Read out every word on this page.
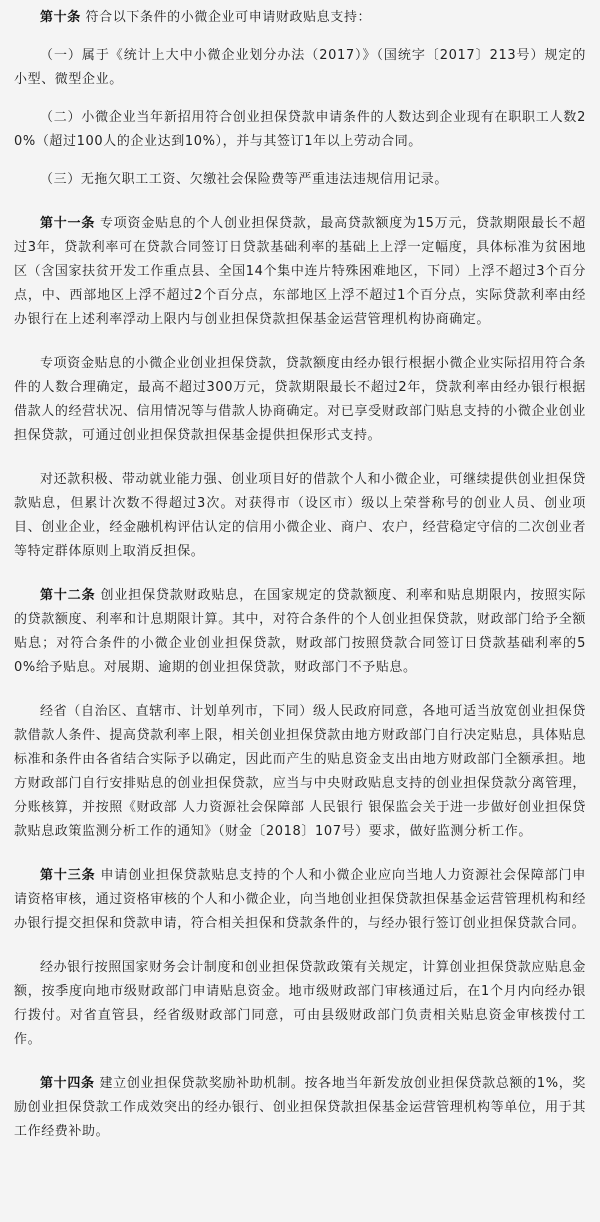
第十条 符合以下条件的小微企业可申请财政贴息支持：

（一）属于《统计上大中小微企业划分办法（2017）》（国统字〔2017〕213号）规定的小型、微型企业。

（二）小微企业当年新招用符合创业担保贷款申请条件的人数达到企业现有在职职工人数20%（超过100人的企业达到10%），并与其签订1年以上劳动合同。

（三）无拖欠职工工资、欠缴社会保险费等严重违法违规信用记录。

第十一条 专项资金贴息的个人创业担保贷款，最高贷款额度为15万元，贷款期限最长不超过3年，贷款利率可在贷款合同签订日贷款基础利率的基础上上浮一定幅度，具体标准为贫困地区（含国家扶贫开发工作重点县、全国14个集中连片特殊困难地区，下同）上浮不超过3个百分点，中、西部地区上浮不超过2个百分点，东部地区上浮不超过1个百分点，实际贷款利率由经办银行在上述利率浮动上限内与创业担保贷款担保基金运营管理机构协商确定。

专项资金贴息的小微企业创业担保贷款，贷款额度由经办银行根据小微企业实际招用符合条件的人数合理确定，最高不超过300万元，贷款期限最长不超过2年，贷款利率由经办银行根据借款人的经营状况、信用情况等与借款人协商确定。对已享受财政部门贴息支持的小微企业创业担保贷款，可通过创业担保贷款担保基金提供担保形式支持。

对还款积极、带动就业能力强、创业项目好的借款个人和小微企业，可继续提供创业担保贷款贴息，但累计次数不得超过3次。对获得市（设区市）级以上荣誉称号的创业人员、创业项目、创业企业，经金融机构评估认定的信用小微企业、商户、农户，经营稳定守信的二次创业者等特定群体原则上取消反担保。

第十二条 创业担保贷款财政贴息，在国家规定的贷款额度、利率和贴息期限内，按照实际的贷款额度、利率和计息期限计算。其中，对符合条件的个人创业担保贷款，财政部门给予全额贴息；对符合条件的小微企业创业担保贷款，财政部门按照贷款合同签订日贷款基础利率的50%给予贴息。对展期、逾期的创业担保贷款，财政部门不予贴息。

经省（自治区、直辖市、计划单列市，下同）级人民政府同意，各地可适当放宽创业担保贷款借款人条件、提高贷款利率上限，相关创业担保贷款由地方财政部门自行决定贴息，具体贴息标准和条件由各省结合实际予以确定，因此而产生的贴息资金支出由地方财政部门全额承担。地方财政部门自行安排贴息的创业担保贷款，应当与中央财政贴息支持的创业担保贷款分离管理，分账核算，并按照《财政部 人力资源社会保障部 人民银行 银保监会关于进一步做好创业担保贷款贴息政策监测分析工作的通知》（财金〔2018〕107号）要求，做好监测分析工作。

第十三条 申请创业担保贷款贴息支持的个人和小微企业应向当地人力资源社会保障部门申请资格审核，通过资格审核的个人和小微企业，向当地创业担保贷款担保基金运营管理机构和经办银行提交担保和贷款申请，符合相关担保和贷款条件的，与经办银行签订创业担保贷款合同。

经办银行按照国家财务会计制度和创业担保贷款政策有关规定，计算创业担保贷款应贴息金额，按季度向地市级财政部门申请贴息资金。地市级财政部门审核通过后，在1个月内向经办银行拨付。对省直管县，经省级财政部门同意，可由县级财政部门负责相关贴息资金审核拨付工作。

第十四条 建立创业担保贷款奖励补助机制。按各地当年新发放创业担保贷款总额的1%，奖励创业担保贷款工作成效突出的经办银行、创业担保贷款担保基金运营管理机构等单位，用于其工作经费补助。
